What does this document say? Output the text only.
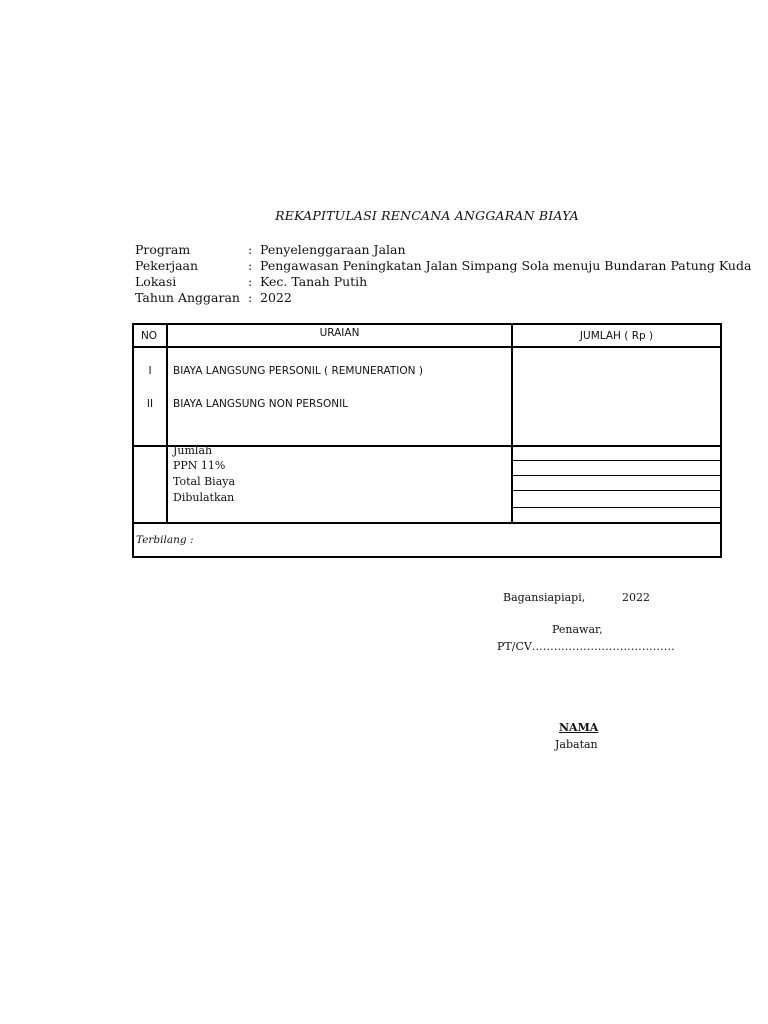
REKAPITULASI RENCANA ANGGARAN BIAYA
Program	: Penyelenggaraan Jalan
Pekerjaan	: Pengawasan Peningkatan Jalan Simpang Sola menuju Bundaran Patung Kuda
Lokasi	: Kec. Tanah Putih
Tahun Anggaran : 2022
NO	URAIAN	JUMLAH ( Rp )
I	BIAYA LANGSUNG PERSONIL ( REMUNERATION )
II	BIAYA LANGSUNG NON PERSONIL
Jumlah
PPN 11%
Total Biaya
Dibulatkan
Terbilang :
Bagansiapiapi,	2022
Penawar,
PT/CV…………………………………
NAMA
Jabatan
